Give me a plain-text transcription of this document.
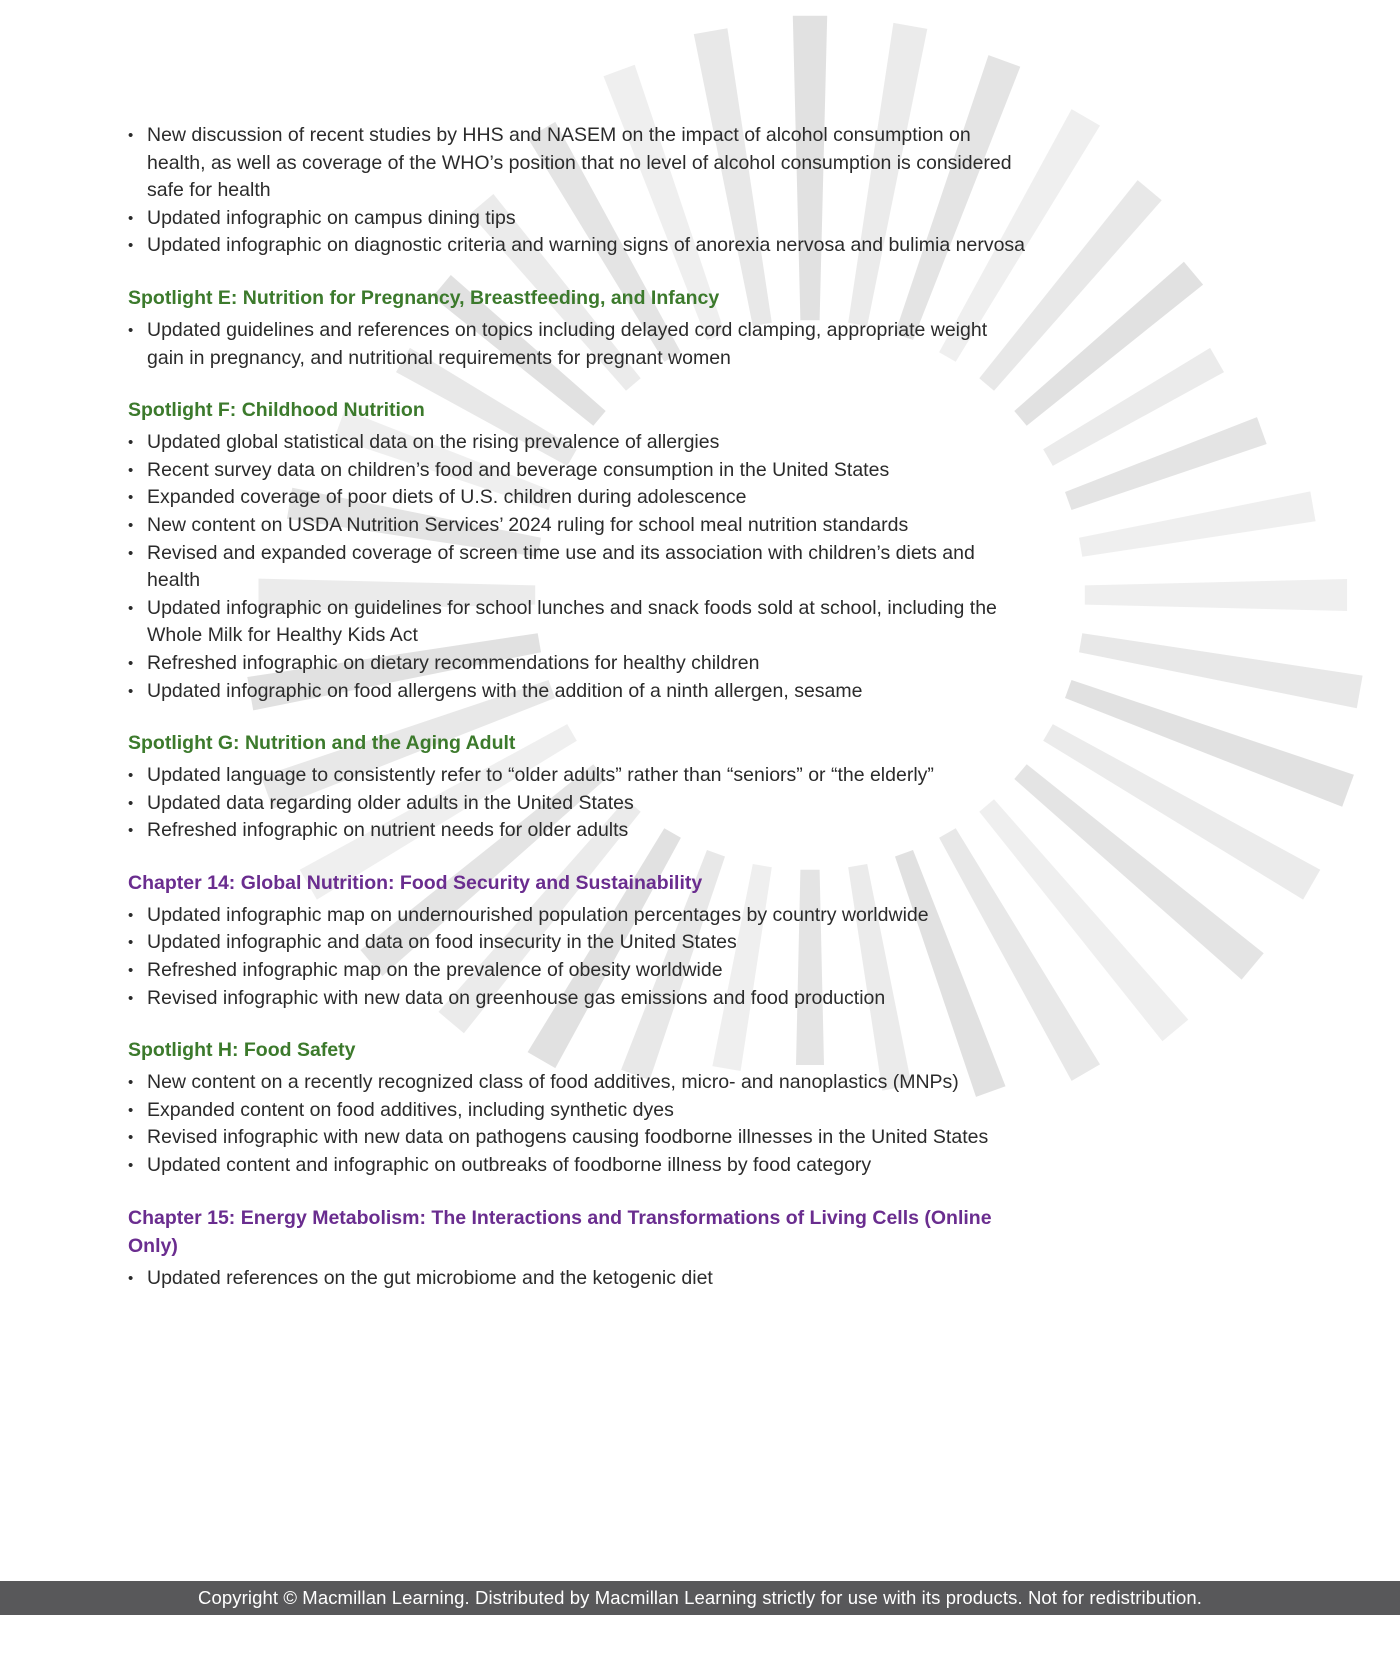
• New discussion of recent studies by HHS and NASEM on the impact of alcohol consumption on health, as well as coverage of the WHO’s position that no level of alcohol consumption is considered safe for health
• Updated infographic on campus dining tips
• Updated infographic on diagnostic criteria and warning signs of anorexia nervosa and bulimia nervosa
Spotlight E: Nutrition for Pregnancy, Breastfeeding, and Infancy
• Updated guidelines and references on topics including delayed cord clamping, appropriate weight gain in pregnancy, and nutritional requirements for pregnant women
Spotlight F: Childhood Nutrition
• Updated global statistical data on the rising prevalence of allergies
• Recent survey data on children’s food and beverage consumption in the United States
• Expanded coverage of poor diets of U.S. children during adolescence
• New content on USDA Nutrition Services’ 2024 ruling for school meal nutrition standards
• Revised and expanded coverage of screen time use and its association with children’s diets and health
• Updated infographic on guidelines for school lunches and snack foods sold at school, including the Whole Milk for Healthy Kids Act
• Refreshed infographic on dietary recommendations for healthy children
• Updated infographic on food allergens with the addition of a ninth allergen, sesame
Spotlight G: Nutrition and the Aging Adult
• Updated language to consistently refer to “older adults” rather than “seniors” or “the elderly”
• Updated data regarding older adults in the United States
• Refreshed infographic on nutrient needs for older adults
Chapter 14: Global Nutrition: Food Security and Sustainability
• Updated infographic map on undernourished population percentages by country worldwide
• Updated infographic and data on food insecurity in the United States
• Refreshed infographic map on the prevalence of obesity worldwide
• Revised infographic with new data on greenhouse gas emissions and food production
Spotlight H: Food Safety
• New content on a recently recognized class of food additives, micro- and nanoplastics (MNPs)
• Expanded content on food additives, including synthetic dyes
• Revised infographic with new data on pathogens causing foodborne illnesses in the United States
• Updated content and infographic on outbreaks of foodborne illness by food category
Chapter 15: Energy Metabolism: The Interactions and Transformations of Living Cells (Online Only)
• Updated references on the gut microbiome and the ketogenic diet
Copyright © Macmillan Learning. Distributed by Macmillan Learning strictly for use with its products. Not for redistribution.
